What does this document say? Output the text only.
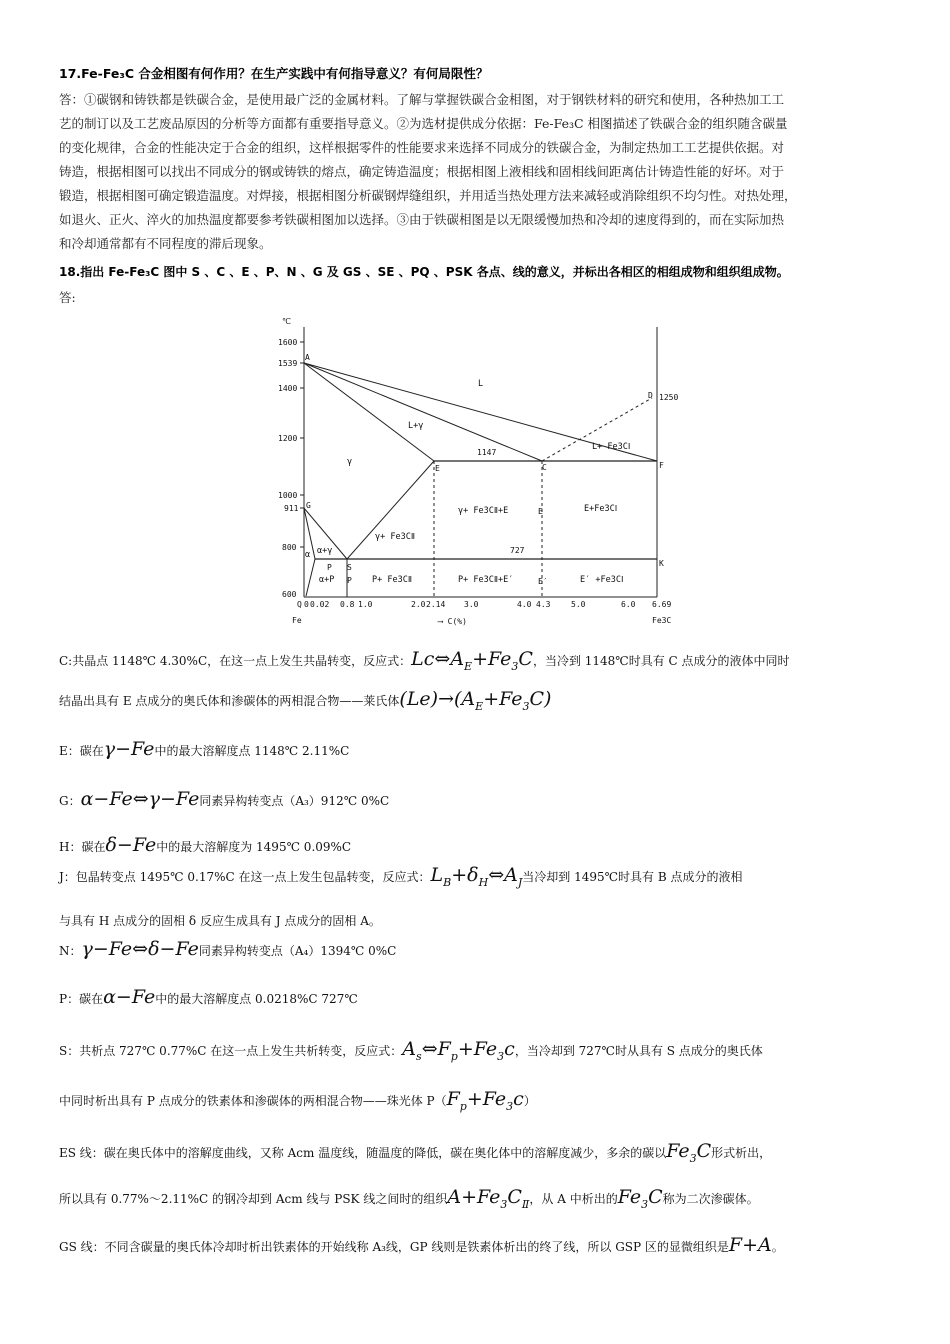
17.Fe-Fe₃C 合金相图有何作用？在生产实践中有何指导意义？有何局限性？
答：①碳钢和铸铁都是铁碳合金，是使用最广泛的金属材料。了解与掌握铁碳合金相图，对于钢铁材料的研究和使用，各种热加工工
艺的制订以及工艺废品原因的分析等方面都有重要指导意义。②为选材提供成分依据：Fe-Fe₃C 相图描述了铁碳合金的组织随含碳量
的变化规律，合金的性能决定于合金的组织，这样根据零件的性能要求来选择不同成分的铁碳合金，为制定热加工工艺提供依据。对
铸造，根据相图可以找出不同成分的钢或铸铁的熔点，确定铸造温度；根据相图上液相线和固相线间距离估计铸造性能的好坏。对于
锻造，根据相图可确定锻造温度。对焊接，根据相图分析碳钢焊缝组织，并用适当热处理方法来减轻或消除组织不均匀性。对热处理，
如退火、正火、淬火的加热温度都要参考铁碳相图加以选择。③由于铁碳相图是以无限缓慢加热和冷却的速度得到的，而在实际加热
和冷却通常都有不同程度的滞后现象。
18.指出 Fe-Fe₃C 图中 S 、C 、E 、P、N 、G 及 GS 、SE 、PQ 、PSK 各点、线的意义，并标出各相区的相组成物和组织组成物。
答:
℃
1600
1539
1400
1200
1000
911
800
600
Q 0 0.02 0.8 1.0	2.0 2.14 3.0	4.0 4.3	5.0	6.0 6.69
Fe	Fe3C
⟶ C(%)
A
C
D
E
E
E′
F
G
K
P S
P
1250
1147
727
L
L+γ
L+ Fe3CⅠ
γ
γ+ Fe3CⅡ+E	E+Fe3CⅠ
γ+ Fe3CⅡ
α α+γ
α+P	P+ Fe3CⅡ	P+ Fe3CⅡ+E′	E′ +Fe3CⅠ
C:共晶点 1148℃ 4.30%C，在这一点上发生共晶转变，反应式：$Lc\Leftrightarrow A_E+Fe_3C$，当冷到 1148℃时具有 C 点成分的液体中同时
结晶出具有 E 点成分的奥氏体和渗碳体的两相混合物——莱氏体$(Le)\to(A_E+Fe_3C)$
E：碳在γ−Fe中的最大溶解度点 1148℃ 2.11%C
G：α−Fe⇔γ−Fe同素异构转变点（A₃）912℃ 0%C
H：碳在δ−Fe中的最大溶解度为 1495℃ 0.09%C
J：包晶转变点 1495℃ 0.17%C 在这一点上发生包晶转变，反应式：$L_B+\delta_H\Leftrightarrow A_J$当冷却到 1495℃时具有 B 点成分的液相
与具有 H 点成分的固相 δ 反应生成具有 J 点成分的固相 A。
N：γ−Fe⇔δ−Fe同素异构转变点（A₄）1394℃ 0%C
P：碳在α−Fe中的最大溶解度点 0.0218%C 727℃
S：共析点 727℃ 0.77%C 在这一点上发生共析转变，反应式：$A_s\Leftrightarrow F_p+Fe_3c$，当冷却到 727℃时从具有 S 点成分的奥氏体
中同时析出具有 P 点成分的铁素体和渗碳体的两相混合物——珠光体 $P(F_p+Fe_3c)$
ES 线：碳在奥氏体中的溶解度曲线，又称 Acm 温度线，随温度的降低，碳在奥化体中的溶解度减少，多余的碳以$Fe_3C$形式析出，
所以具有 0.77%～2.11%C 的钢冷却到 Acm 线与 PSK 线之间时的组织$A+Fe_3C_Ⅱ$，从 A 中析出的$Fe_3C$称为二次渗碳体。
GS 线：不同含碳量的奥氏体冷却时析出铁素体的开始线称 A₃线，GP 线则是铁素体析出的终了线，所以 GSP 区的显微组织是F+A。
